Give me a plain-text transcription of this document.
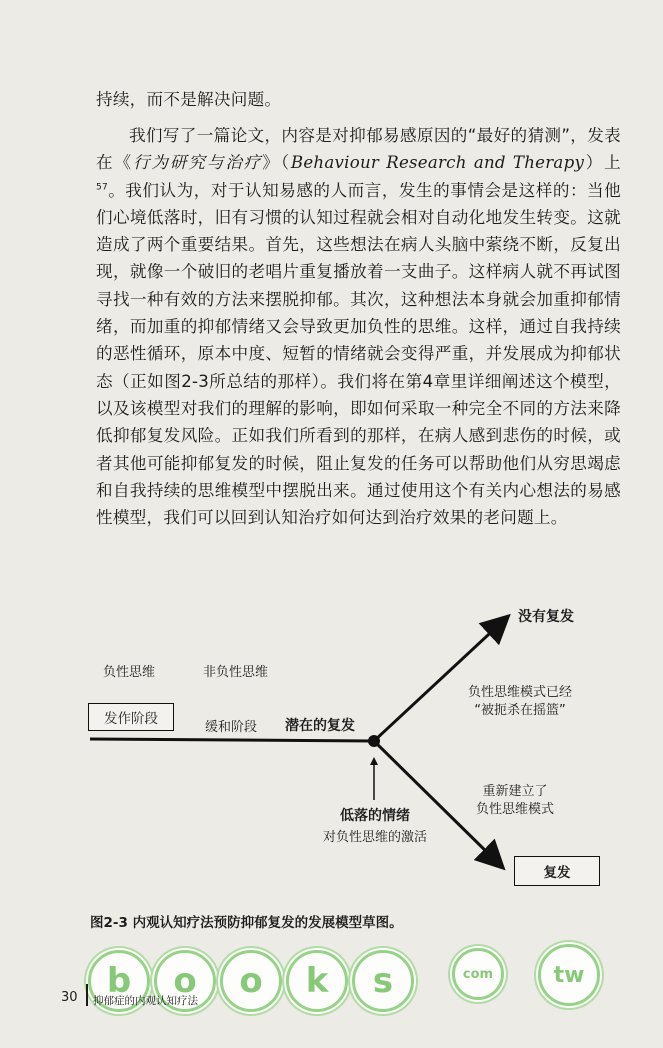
持续，而不是解决问题。

我们写了一篇论文，内容是对抑郁易感原因的“最好的猜测”，发表在《行为研究与治疗》（Behaviour Research and Therapy）上$^{57}$。我们认为，对于认知易感的人而言，发生的事情会是这样的：当他们心境低落时，旧有习惯的认知过程就会相对自动化地发生转变。这就造成了两个重要结果。首先，这些想法在病人头脑中萦绕不断，反复出现，就像一个破旧的老唱片重复播放着一支曲子。这样病人就不再试图寻找一种有效的方法来摆脱抑郁。其次，这种想法本身就会加重抑郁情绪，而加重的抑郁情绪又会导致更加负性的思维。这样，通过自我持续的恶性循环，原本中度、短暂的情绪就会变得严重，并发展成为抑郁状态（正如图2-3所总结的那样）。我们将在第4章里详细阐述这个模型，以及该模型对我们的理解的影响，即如何采取一种完全不同的方法来降低抑郁复发风险。正如我们所看到的那样，在病人感到悲伤的时候，或者其他可能抑郁复发的时候，阻止复发的任务可以帮助他们从穷思竭虑和自我持续的思维模型中摆脱出来。通过使用这个有关内心想法的易感性模型，我们可以回到认知治疗如何达到治疗效果的老问题上。

负性思维	非负性思维
发作阶段
缓和阶段 潜在的复发
低落的情绪
对负性思维的激活
没有复发
负性思维模式已经
“被扼杀在摇篮”
重新建立了
负性思维模式
复发
图2-3 内观认知疗法预防抑郁复发的发展模型草图。
b	o	o	k	s	com	tw
30 抑郁症的内观认知疗法
